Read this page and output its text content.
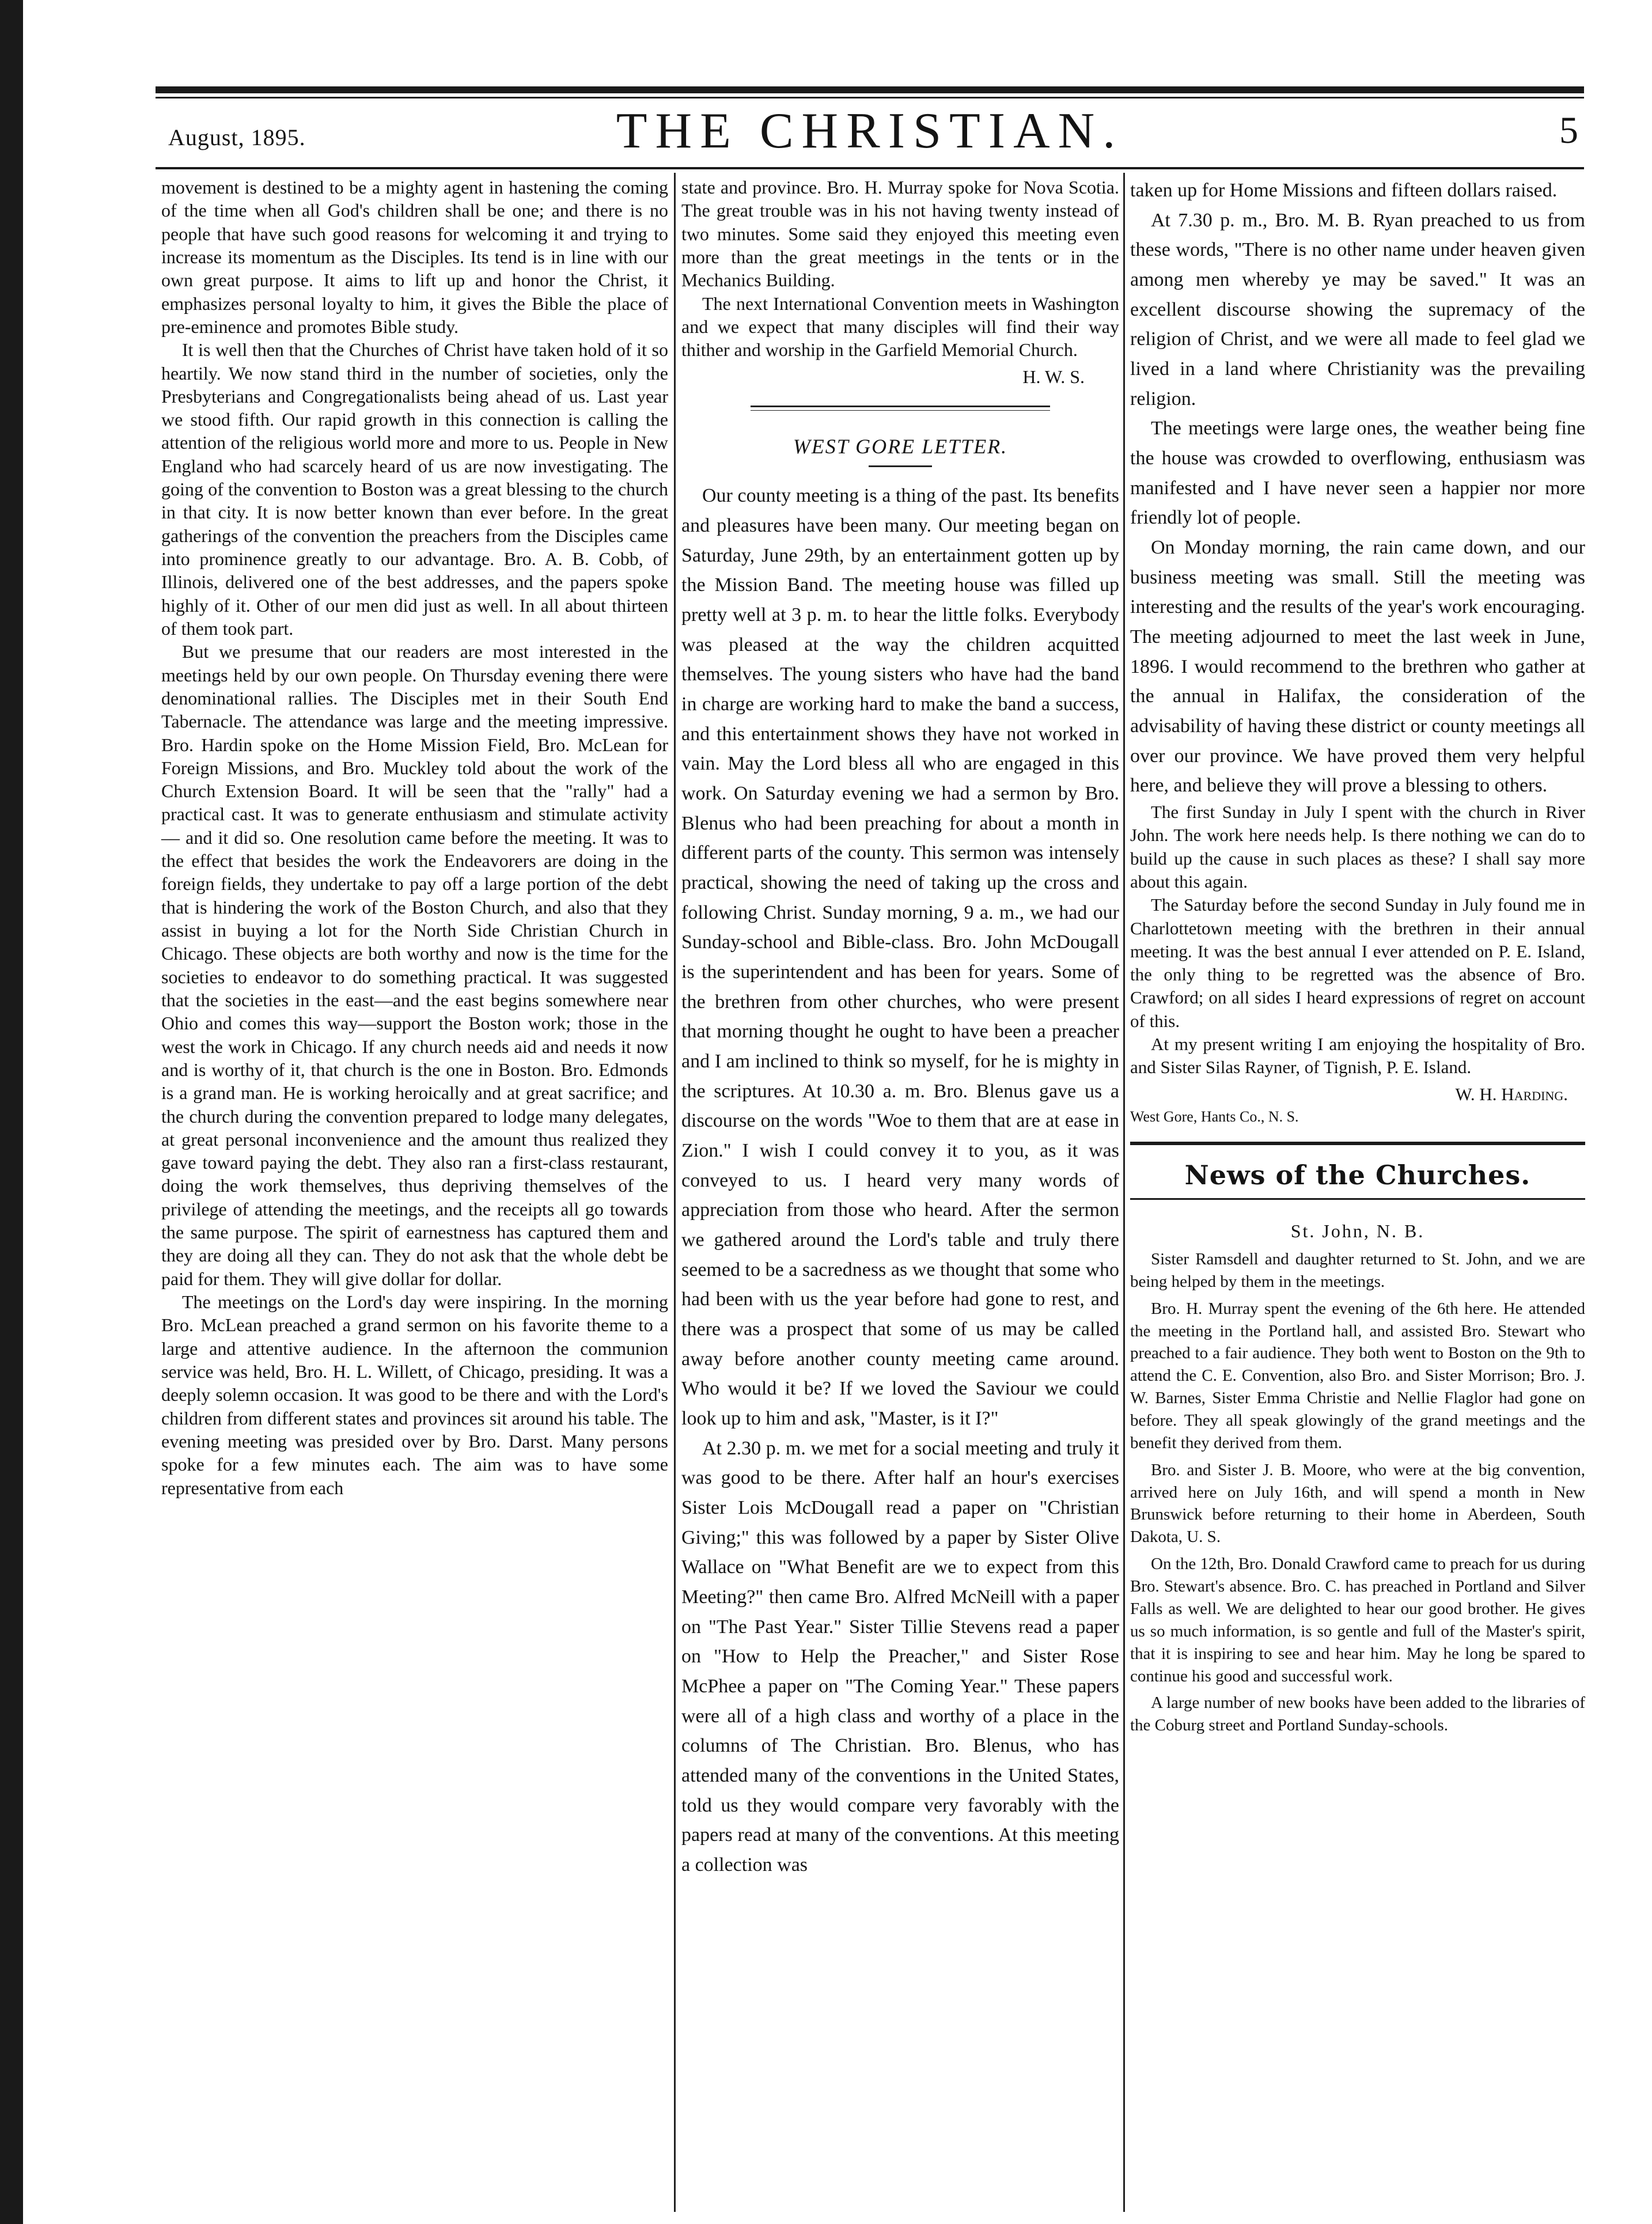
August, 1895.	THE CHRISTIAN.	5

movement is destined to be a mighty agent in hastening the coming of the time when all God's children shall be one; and there is no people that have such good reasons for welcoming it and trying to increase its momentum as the Disciples. Its tend is in line with our own great purpose. It aims to lift up and honor the Christ, it emphasizes personal loyalty to him, it gives the Bible the place of pre-eminence and promotes Bible study.

It is well then that the Churches of Christ have taken hold of it so heartily. We now stand third in the number of societies, only the Presbyterians and Congregationalists being ahead of us. Last year we stood fifth. Our rapid growth in this connection is calling the attention of the religious world more and more to us. People in New England who had scarcely heard of us are now investigating. The going of the convention to Boston was a great blessing to the church in that city. It is now better known than ever before. In the great gatherings of the convention the preachers from the Disciples came into prominence greatly to our advantage. Bro. A. B. Cobb, of Illinois, delivered one of the best addresses, and the papers spoke highly of it. Other of our men did just as well. In all about thirteen of them took part.

But we presume that our readers are most interested in the meetings held by our own people. On Thursday evening there were denominational rallies. The Disciples met in their South End Tabernacle. The attendance was large and the meeting impressive. Bro. Hardin spoke on the Home Mission Field, Bro. McLean for Foreign Missions, and Bro. Muckley told about the work of the Church Extension Board. It will be seen that the "rally" had a practical cast. It was to generate enthusiasm and stimulate activity — and it did so. One resolution came before the meeting. It was to the effect that besides the work the Endeavorers are doing in the foreign fields, they undertake to pay off a large portion of the debt that is hindering the work of the Boston Church, and also that they assist in buying a lot for the North Side Christian Church in Chicago. These objects are both worthy and now is the time for the societies to endeavor to do something practical. It was suggested that the societies in the east—and the east begins somewhere near Ohio and comes this way—support the Boston work; those in the west the work in Chicago. If any church needs aid and needs it now and is worthy of it, that church is the one in Boston. Bro. Edmonds is a grand man. He is working heroically and at great sacrifice; and the church during the convention prepared to lodge many delegates, at great personal inconvenience and the amount thus realized they gave toward paying the debt. They also ran a first-class restaurant, doing the work themselves, thus depriving themselves of the privilege of attending the meetings, and the receipts all go towards the same purpose. The spirit of earnestness has captured them and they are doing all they can. They do not ask that the whole debt be paid for them. They will give dollar for dollar.

The meetings on the Lord's day were inspiring. In the morning Bro. McLean preached a grand sermon on his favorite theme to a large and attentive audience. In the afternoon the communion service was held, Bro. H. L. Willett, of Chicago, presiding. It was a deeply solemn occasion. It was good to be there and with the Lord's children from different states and provinces sit around his table. The evening meeting was presided over by Bro. Darst. Many persons spoke for a few minutes each. The aim was to have some representative from each

state and province. Bro. H. Murray spoke for Nova Scotia. The great trouble was in his not having twenty instead of two minutes. Some said they enjoyed this meeting even more than the great meetings in the tents or in the Mechanics Building.

The next International Convention meets in Washington and we expect that many disciples will find their way thither and worship in the Garfield Memorial Church.

H. W. S.
WEST GORE LETTER.

Our county meeting is a thing of the past. Its benefits and pleasures have been many. Our meeting began on Saturday, June 29th, by an entertainment gotten up by the Mission Band. The meeting house was filled up pretty well at 3 p. m. to hear the little folks. Everybody was pleased at the way the children acquitted themselves. The young sisters who have had the band in charge are working hard to make the band a success, and this entertainment shows they have not worked in vain. May the Lord bless all who are engaged in this work. On Saturday evening we had a sermon by Bro. Blenus who had been preaching for about a month in different parts of the county. This sermon was intensely practical, showing the need of taking up the cross and following Christ. Sunday morning, 9 a. m., we had our Sunday-school and Bible-class. Bro. John McDougall is the superintendent and has been for years. Some of the brethren from other churches, who were present that morning thought he ought to have been a preacher and I am inclined to think so myself, for he is mighty in the scriptures. At 10.30 a. m. Bro. Blenus gave us a discourse on the words "Woe to them that are at ease in Zion." I wish I could convey it to you, as it was conveyed to us. I heard very many words of appreciation from those who heard. After the sermon we gathered around the Lord's table and truly there seemed to be a sacredness as we thought that some who had been with us the year before had gone to rest, and there was a prospect that some of us may be called away before another county meeting came around. Who would it be? If we loved the Saviour we could look up to him and ask, "Master, is it I?"

At 2.30 p. m. we met for a social meeting and truly it was good to be there. After half an hour's exercises Sister Lois McDougall read a paper on "Christian Giving;" this was followed by a paper by Sister Olive Wallace on "What Benefit are we to expect from this Meeting?" then came Bro. Alfred McNeill with a paper on "The Past Year." Sister Tillie Stevens read a paper on "How to Help the Preacher," and Sister Rose McPhee a paper on "The Coming Year." These papers were all of a high class and worthy of a place in the columns of The Christian. Bro. Blenus, who has attended many of the conventions in the United States, told us they would compare very favorably with the papers read at many of the conventions. At this meeting a collection was

taken up for Home Missions and fifteen dollars raised.

At 7.30 p. m., Bro. M. B. Ryan preached to us from these words, "There is no other name under heaven given among men whereby ye may be saved." It was an excellent discourse showing the supremacy of the religion of Christ, and we were all made to feel glad we lived in a land where Christianity was the prevailing religion.

The meetings were large ones, the weather being fine the house was crowded to overflowing, enthusiasm was manifested and I have never seen a happier nor more friendly lot of people.

On Monday morning, the rain came down, and our business meeting was small. Still the meeting was interesting and the results of the year's work encouraging. The meeting adjourned to meet the last week in June, 1896. I would recommend to the brethren who gather at the annual in Halifax, the consideration of the advisability of having these district or county meetings all over our province. We have proved them very helpful here, and believe they will prove a blessing to others.

The first Sunday in July I spent with the church in River John. The work here needs help. Is there nothing we can do to build up the cause in such places as these? I shall say more about this again.

The Saturday before the second Sunday in July found me in Charlottetown meeting with the brethren in their annual meeting. It was the best annual I ever attended on P. E. Island, the only thing to be regretted was the absence of Bro. Crawford; on all sides I heard expressions of regret on account of this.

At my present writing I am enjoying the hospitality of Bro. and Sister Silas Rayner, of Tignish, P. E. Island.

W. H. Harding.
West Gore, Hants Co., N. S.
News of the Churches.
St. John, N. B.

Sister Ramsdell and daughter returned to St. John, and we are being helped by them in the meetings.

Bro. H. Murray spent the evening of the 6th here. He attended the meeting in the Portland hall, and assisted Bro. Stewart who preached to a fair audience. They both went to Boston on the 9th to attend the C. E. Convention, also Bro. and Sister Morrison; Bro. J. W. Barnes, Sister Emma Christie and Nellie Flaglor had gone on before. They all speak glowingly of the grand meetings and the benefit they derived from them.

Bro. and Sister J. B. Moore, who were at the big convention, arrived here on July 16th, and will spend a month in New Brunswick before returning to their home in Aberdeen, South Dakota, U. S.

On the 12th, Bro. Donald Crawford came to preach for us during Bro. Stewart's absence. Bro. C. has preached in Portland and Silver Falls as well. We are delighted to hear our good brother. He gives us so much information, is so gentle and full of the Master's spirit, that it is inspiring to see and hear him. May he long be spared to continue his good and successful work.

A large number of new books have been added to the libraries of the Coburg street and Portland Sunday-schools.
